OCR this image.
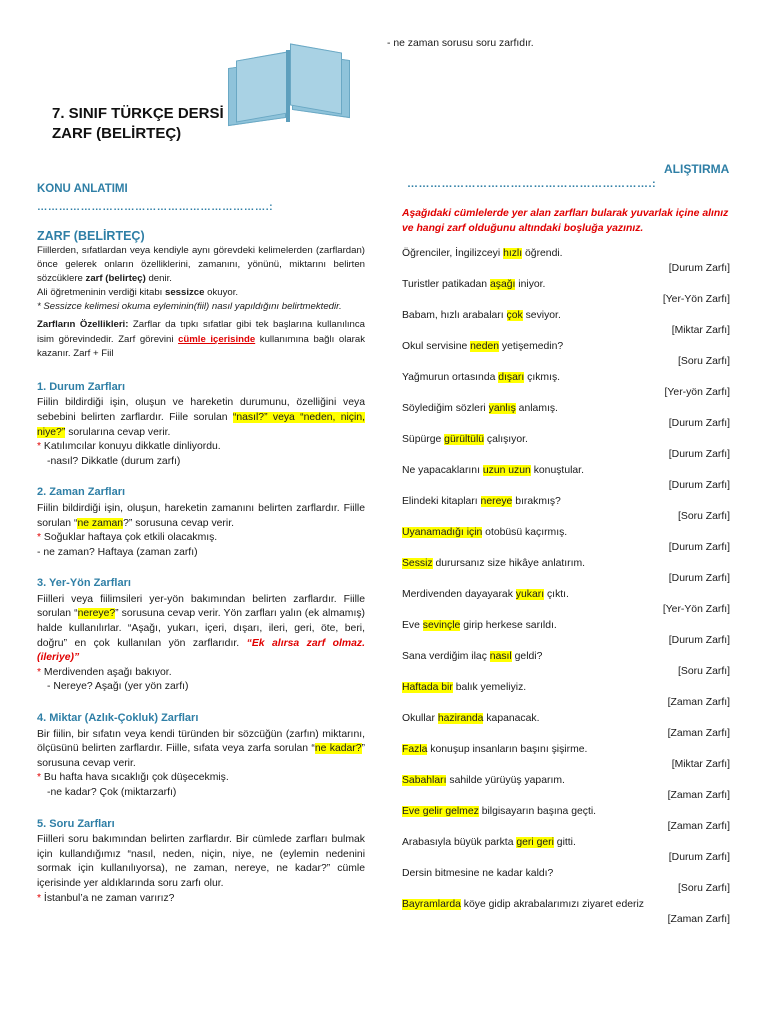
- ne zaman sorusu soru zarfıdır.
7. SINIF TÜRKÇE DERSİ
ZARF (BELİRTEÇ)

KONU ANLATIMI

……………………………………………………….:

ZARF (BELİRTEÇ)

Fiillerden, sıfatlardan veya kendiyle aynı görevdeki kelimelerden (zarflardan) önce gelerek onların özelliklerini, zamanını, yönünü, miktarını belirten sözcüklere zarf (belirteç) denir.

Ali öğretmeninin verdiği kitabı sessizce okuyor.

* Sessizce kelimesi okuma eyleminin(fiil) nasıl yapıldığını belirtmektedir.

Zarfların Özellikleri: Zarflar da tıpkı sıfatlar gibi tek başlarına kullanılınca isim görevindedir. Zarf görevini cümle içerisinde kullanımına bağlı olarak kazanır. Zarf + Fiil

1. Durum Zarfları

Fiilin bildirdiği işin, oluşun ve hareketin durumunu, özelliğini veya sebebini belirten zarflardır. Fiile sorulan “nasıl?” veya “neden, niçin, niye?” sorularına cevap verir.

* Katılımcılar konuyu dikkatle dinliyordu.

-nasıl? Dikkatle (durum zarfı)

2. Zaman Zarfları

Fiilin bildirdiği işin, oluşun, hareketin zamanını belirten zarflardır. Fiille sorulan “ne zaman?” sorusuna cevap verir.

* Soğuklar haftaya çok etkili olacakmış.

- ne zaman? Haftaya (zaman zarfı)

3. Yer-Yön Zarfları

Fiilleri veya fiilimsileri yer-yön bakımından belirten zarflardır. Fiille sorulan “nereye?” sorusuna cevap verir. Yön zarfları yalın (ek almamış) halde kullanılırlar. “Aşağı, yukarı, içeri, dışarı, ileri, geri, öte, beri, doğru” en çok kullanılan yön zarflarıdır. “Ek alırsa zarf olmaz.(ileriye)”

* Merdivenden aşağı bakıyor.

- Nereye? Aşağı (yer yön zarfı)

4. Miktar (Azlık-Çokluk) Zarfları

Bir fiilin, bir sıfatın veya kendi türünden bir sözcüğün (zarfın) miktarını, ölçüsünü belirten zarflardır. Fiille, sıfata veya zarfa sorulan “ne kadar?” sorusuna cevap verir.

* Bu hafta hava sıcaklığı çok düşecekmiş.

-ne kadar? Çok (miktarzarfı)

5. Soru Zarfları

Fiilleri soru bakımından belirten zarflardır. Bir cümlede zarfları bulmak için kullandığımız “nasıl, neden, niçin, niye, ne (eylemin nedenini sormak için kullanılıyorsa), ne zaman, nereye, ne kadar?” cümle içerisinde yer aldıklarında soru zarfı olur.

* İstanbul’a ne zaman varırız?

ALIŞTIRMA
……………………………………………………….:
Aşağıdaki cümlelerde yer alan zarfları bularak yuvarlak içine alınız ve hangi zarf olduğunu altındaki boşluğa yazınız.
Öğrenciler, İngilizceyi hızlı öğrendi.
[Durum Zarfı]
Turistler patikadan aşağı iniyor.
[Yer-Yön Zarfı]
Babam, hızlı arabaları çok seviyor.
[Miktar Zarfı]
Okul servisine neden yetişemedin?
[Soru Zarfı]
Yağmurun ortasında dışarı çıkmış.
[Yer-yön Zarfı]
Söylediğim sözleri yanlış anlamış.
[Durum Zarfı]
Süpürge gürültülü çalışıyor.
[Durum Zarfı]
Ne yapacaklarını uzun uzun konuştular.
[Durum Zarfı]
Elindeki kitapları nereye bırakmış?
[Soru Zarfı]
Uyanamadığı için otobüsü kaçırmış.
[Durum Zarfı]
Sessiz durursanız size hikâye anlatırım.
[Durum Zarfı]
Merdivenden dayayarak yukarı çıktı.
[Yer-Yön Zarfı]
Eve sevinçle girip herkese sarıldı.
[Durum Zarfı]
Sana verdiğim ilaç nasıl geldi?
[Soru Zarfı]
Haftada bir balık yemeliyiz.
[Zaman Zarfı]
Okullar haziranda kapanacak.
[Zaman Zarfı]
Fazla konuşup insanların başını şişirme.
[Miktar Zarfı]
Sabahları sahilde yürüyüş yaparım.
[Zaman Zarfı]
Eve gelir gelmez bilgisayarın başına geçti.
[Zaman Zarfı]
Arabasıyla büyük parkta geri geri gitti.
[Durum Zarfı]
Dersin bitmesine ne kadar kaldı?
[Soru Zarfı]
Bayramlarda köye gidip akrabalarımızı ziyaret ederiz
[Zaman Zarfı]
